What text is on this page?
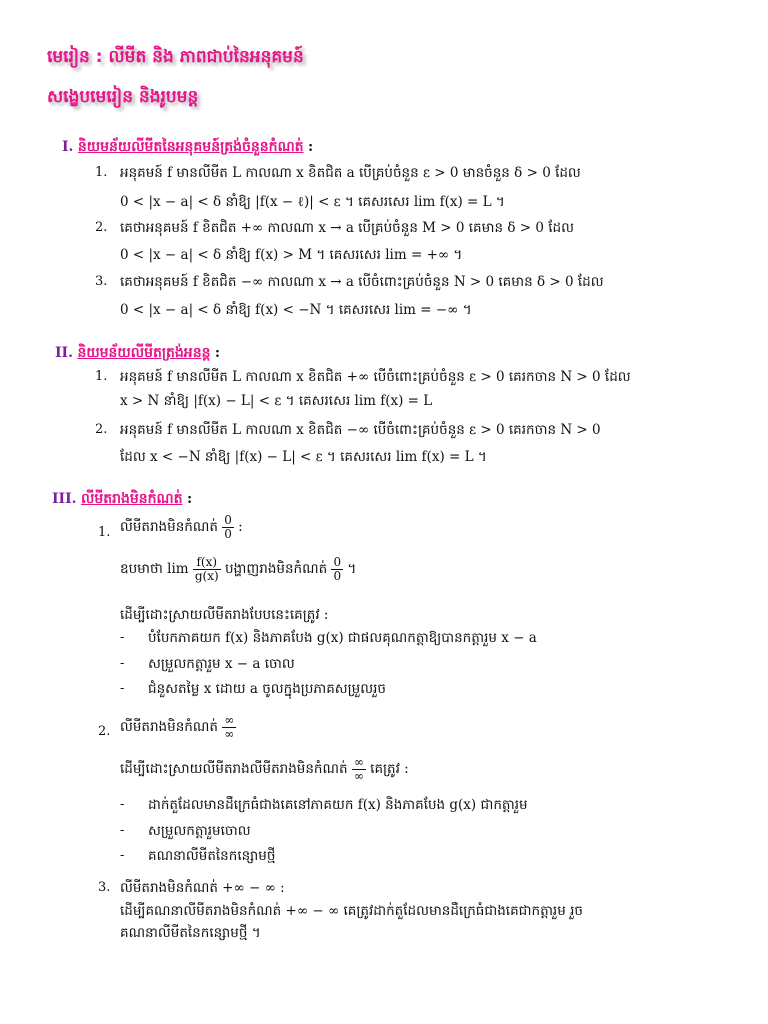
មេរៀន : លីមីត និង ភាពជាប់នៃអនុគមន៍
សង្ខេបមេរៀន និងរូបមន្ត
I. និយមន័យលីមីតនៃអនុគមន៍ត្រង់ចំនួនកំណត់ :
1. អនុគមន៍ f មានលីមីត L កាលណា x ខិតជិត a បើគ្រប់ចំនួន ε > 0 មានចំនួន δ > 0 ដែល
0 < |x − a| < δ នាំឱ្យ |f(x − ℓ)| < ε ។ គេសរសេរ lim f(x) = L ។
2. គេថាអនុគមន៍ f ខិតជិត +∞ កាលណា x → a បើគ្រប់ចំនួន M > 0 គេមាន δ > 0 ដែល
0 < |x − a| < δ នាំឱ្យ f(x) > M ។ គេសរសេរ lim = +∞ ។
3. គេថាអនុគមន៍ f ខិតជិត −∞ កាលណា x → a បើចំពោះគ្រប់ចំនួន N > 0 គេមាន δ > 0 ដែល
0 < |x − a| < δ នាំឱ្យ f(x) < −N ។ គេសរសេរ lim = −∞ ។
II. និយមន័យលីមីតត្រង់អនន្ត :
1. អនុគមន៍ f មានលីមីត L កាលណា x ខិតជិត +∞ បើចំពោះគ្រប់ចំនួន ε > 0 គេរកចាន N > 0 ដែល
x > N នាំឱ្យ |f(x) − L| < ε ។ គេសរសេរ lim f(x) = L
2. អនុគមន៍ f មានលីមីត L កាលណា x ខិតជិត −∞ បើចំពោះគ្រប់ចំនួន ε > 0 គេរកចាន N > 0
ដែល x < −N នាំឱ្យ |f(x) − L| < ε ។ គេសរសេរ lim f(x) = L ។
III. លីមីតរាងមិនកំណត់ :
1. លីមីតរាងមិនកំណត់ $\frac{0}{0}$ :
ឧបមាថា $\lim \frac{f(x)}{g(x)}$ បង្ហាញរាងមិនកំណត់ $\frac{0}{0}$ ។
ដើម្បីដោះស្រាយលីមីតរាងបែបនេះគេត្រូវ :
- បំបែកភាគយក f(x) និងភាគបែង g(x) ជាផលគុណកត្តាឱ្យបានកត្តារួម x − a
- សម្រួលកត្តារួម x − a ចោល
- ជំនួសតម្លៃ x ដោយ a ចូលក្នុងប្រភាគសម្រួលរួច
2. លីមីតរាងមិនកំណត់ $\frac{\infty}{\infty}$
ដើម្បីដោះស្រាយលីមីតរាងលីមីតរាងមិនកំណត់ $\frac{\infty}{\infty}$ គេត្រូវ :
- ដាក់តួដែលមានដឺក្រេធំជាងគេនៅភាគយក f(x) និងភាគបែង g(x) ជាកត្តារួម
- សម្រួលកត្តារួមចោល
- គណនាលីមីតនៃកន្សោមថ្មី
3. លីមីតរាងមិនកំណត់ +∞ − ∞ :
ដើម្បីគណនាលីមីតរាងមិនកំណត់ +∞ − ∞ គេត្រូវដាក់តួដែលមានដឺក្រេធំជាងគេជាកត្តារួម រួច
គណនាលីមីតនៃកន្សោមថ្មី ។
